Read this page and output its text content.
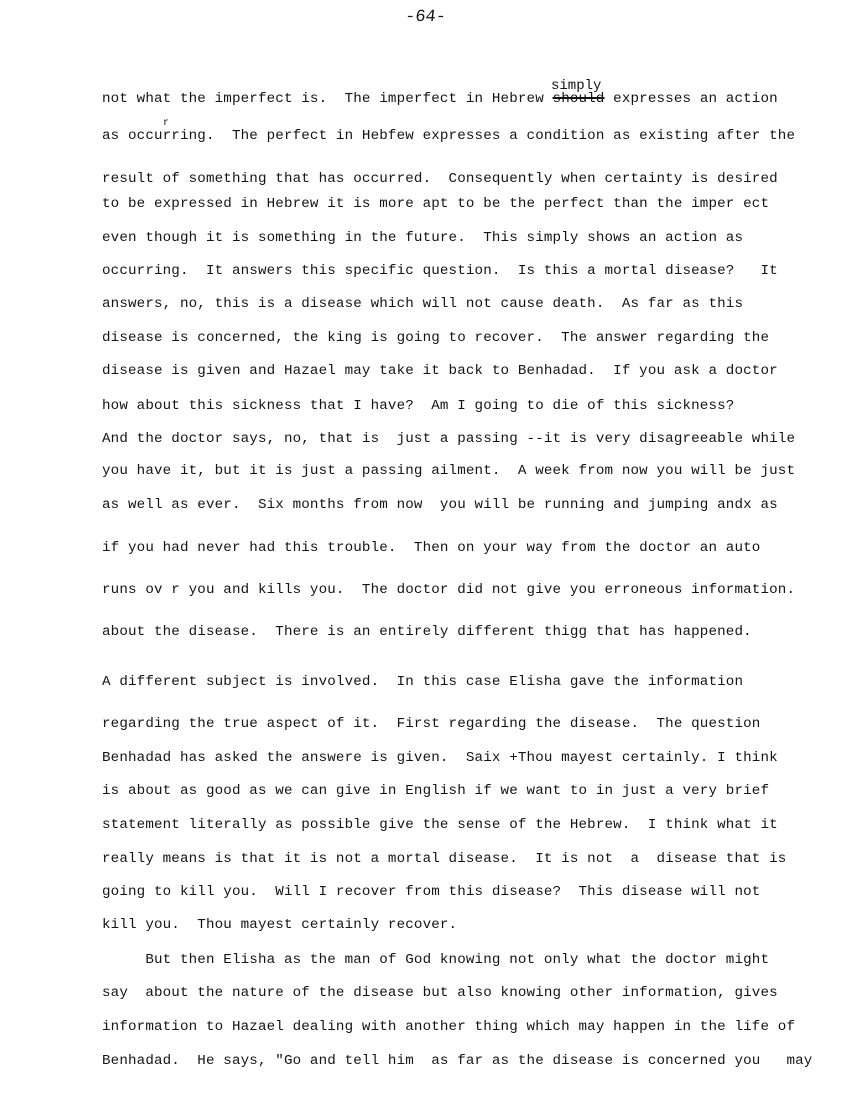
-64-
simply
r
not what the imperfect is.  The imperfect in Hebrew should expresses an action
as occurring.  The perfect in Hebfew expresses a condition as existing after the
result of something that has occurred.  Consequently when certainty is desired
to be expressed in Hebrew it is more apt to be the perfect than the imper ect
even though it is something in the future.  This simply shows an action as
occurring.  It answers this specific question.  Is this a mortal disease?   It
answers, no, this is a disease which will not cause death.  As far as this
disease is concerned, the king is going to recover.  The answer regarding the
disease is given and Hazael may take it back to Benhadad.  If you ask a doctor
how about this sickness that I have?  Am I going to die of this sickness?
And the doctor says, no, that is  just a passing --it is very disagreeable while
you have it, but it is just a passing ailment.  A week from now you will be just
as well as ever.  Six months from now  you will be running and jumping andx as
if you had never had this trouble.  Then on your way from the doctor an auto
runs ov r you and kills you.  The doctor did not give you erroneous information.
about the disease.  There is an entirely different thigg that has happened.
A different subject is involved.  In this case Elisha gave the information
regarding the true aspect of it.  First regarding the disease.  The question
Benhadad has asked the answere is given.  Saix +Thou mayest certainly. I think
is about as good as we can give in English if we want to in just a very brief
statement literally as possible give the sense of the Hebrew.  I think what it
really means is that it is not a mortal disease.  It is not  a  disease that is
going to kill you.  Will I recover from this disease?  This disease will not
kill you.  Thou mayest certainly recover.
But then Elisha as the man of God knowing not only what the doctor might
say  about the nature of the disease but also knowing other information, gives
information to Hazael dealing with another thing which may happen in the life of
Benhadad.  He says, "Go and tell him  as far as the disease is concerned you   may
